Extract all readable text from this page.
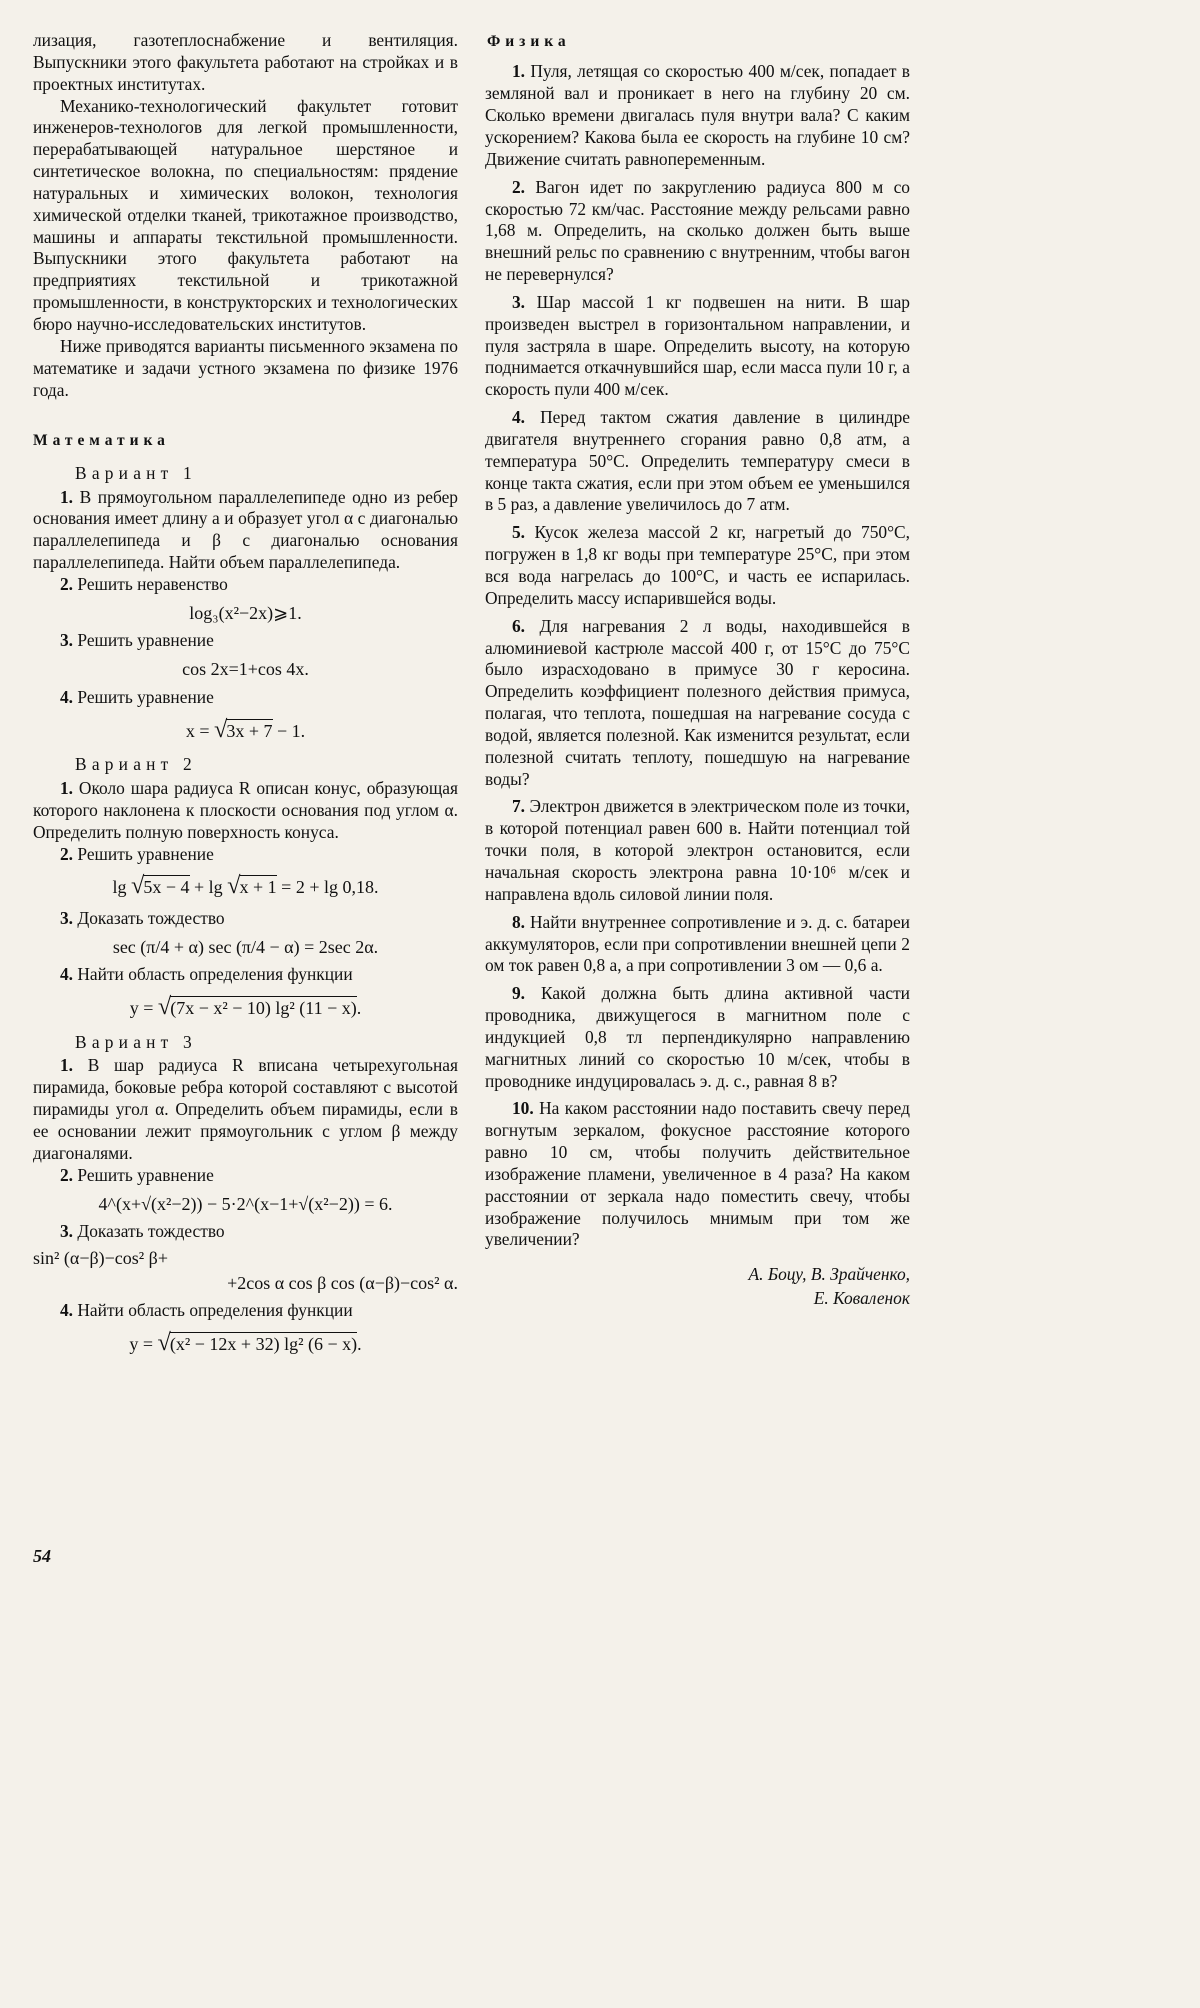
лизация, газотеплоснабжение и вентиляция. Выпускники этого факультета работают на стройках и в проектных институтах.

Механико-технологический факультет готовит инженеров-технологов для легкой промышленности, перерабатывающей натуральное шерстяное и синтетическое волокна, по специальностям: прядение натуральных и химических волокон, технология химической отделки тканей, трикотажное производство, машины и аппараты текстильной промышленности. Выпускники этого факультета работают на предприятиях текстильной и трикотажной промышленности, в конструкторских и технологических бюро научно-исследовательских институтов.

Ниже приводятся варианты письменного экзамена по математике и задачи устного экзамена по физике 1976 года.

Математика
Вариант 1

1. В прямоугольном параллелепипеде одно из ребер основания имеет длину a и образует угол α с диагональю параллелепипеда и β с диагональю основания параллелепипеда. Найти объем параллелепипеда.

2. Решить неравенство

log₃(x²−2x)⩾1.

3. Решить уравнение

cos 2x=1+cos 4x.

4. Решить уравнение

x = √ 3x + 7 − 1.
Вариант 2

1. Около шара радиуса R описан конус, образующая которого наклонена к плоскости основания под углом α. Определить полную поверхность конуса.

2. Решить уравнение

lg √ 5x − 4 + lg √ x + 1 = 2 + lg 0,18.

3. Доказать тождество

sec (π/4 + α) sec (π/4 − α) = 2sec 2α.

4. Найти область определения функции

y = √ (7x − x² − 10) lg² (11 − x).
Вариант 3

1. В шар радиуса R вписана четырехугольная пирамида, боковые ребра которой составляют с высотой пирамиды угол α. Определить объем пирамиды, если в ее основании лежит прямоугольник с углом β между диагоналями.

2. Решить уравнение

4^(x+√(x²−2)) − 5·2^(x−1+√(x²−2)) = 6.

3. Доказать тождество

sin² (α−β)−cos² β+
+2cos α cos β cos (α−β)−cos² α.

4. Найти область определения функции

y = √ (x² − 12x + 32) lg² (6 − x).
Физика

1. Пуля, летящая со скоростью 400 м/сек, попадает в земляной вал и проникает в него на глубину 20 см. Сколько времени двигалась пуля внутри вала? С каким ускорением? Какова была ее скорость на глубине 10 см? Движение считать равнопеременным.

2. Вагон идет по закруглению радиуса 800 м со скоростью 72 км/час. Расстояние между рельсами равно 1,68 м. Определить, на сколько должен быть выше внешний рельс по сравнению с внутренним, чтобы вагон не перевернулся?

3. Шар массой 1 кг подвешен на нити. В шар произведен выстрел в горизонтальном направлении, и пуля застряла в шаре. Определить высоту, на которую поднимается откачнувшийся шар, если масса пули 10 г, а скорость пули 400 м/сек.

4. Перед тактом сжатия давление в цилиндре двигателя внутреннего сгорания равно 0,8 атм, а температура 50°С. Определить температуру смеси в конце такта сжатия, если при этом объем ее уменьшился в 5 раз, а давление увеличилось до 7 атм.

5. Кусок железа массой 2 кг, нагретый до 750°С, погружен в 1,8 кг воды при температуре 25°С, при этом вся вода нагрелась до 100°С, и часть ее испарилась. Определить массу испарившейся воды.

6. Для нагревания 2 л воды, находившейся в алюминиевой кастрюле массой 400 г, от 15°С до 75°С было израсходовано в примусе 30 г керосина. Определить коэффициент полезного действия примуса, полагая, что теплота, пошедшая на нагревание сосуда с водой, является полезной. Как изменится результат, если полезной считать теплоту, пошедшую на нагревание воды?

7. Электрон движется в электрическом поле из точки, в которой потенциал равен 600 в. Найти потенциал той точки поля, в которой электрон остановится, если начальная скорость электрона равна 10·10⁶ м/сек и направлена вдоль силовой линии поля.

8. Найти внутреннее сопротивление и э. д. с. батареи аккумуляторов, если при сопротивлении внешней цепи 2 ом ток равен 0,8 а, а при сопротивлении 3 ом — 0,6 а.

9. Какой должна быть длина активной части проводника, движущегося в магнитном поле с индукцией 0,8 тл перпендикулярно направлению магнитных линий со скоростью 10 м/сек, чтобы в проводнике индуцировалась э. д. с., равная 8 в?

10. На каком расстоянии надо поставить свечу перед вогнутым зеркалом, фокусное расстояние которого равно 10 см, чтобы получить действительное изображение пламени, увеличенное в 4 раза? На каком расстоянии от зеркала надо поместить свечу, чтобы изображение получилось мнимым при том же увеличении?

А. Боцу, В. Зрайченко,
Е. Коваленок
54
